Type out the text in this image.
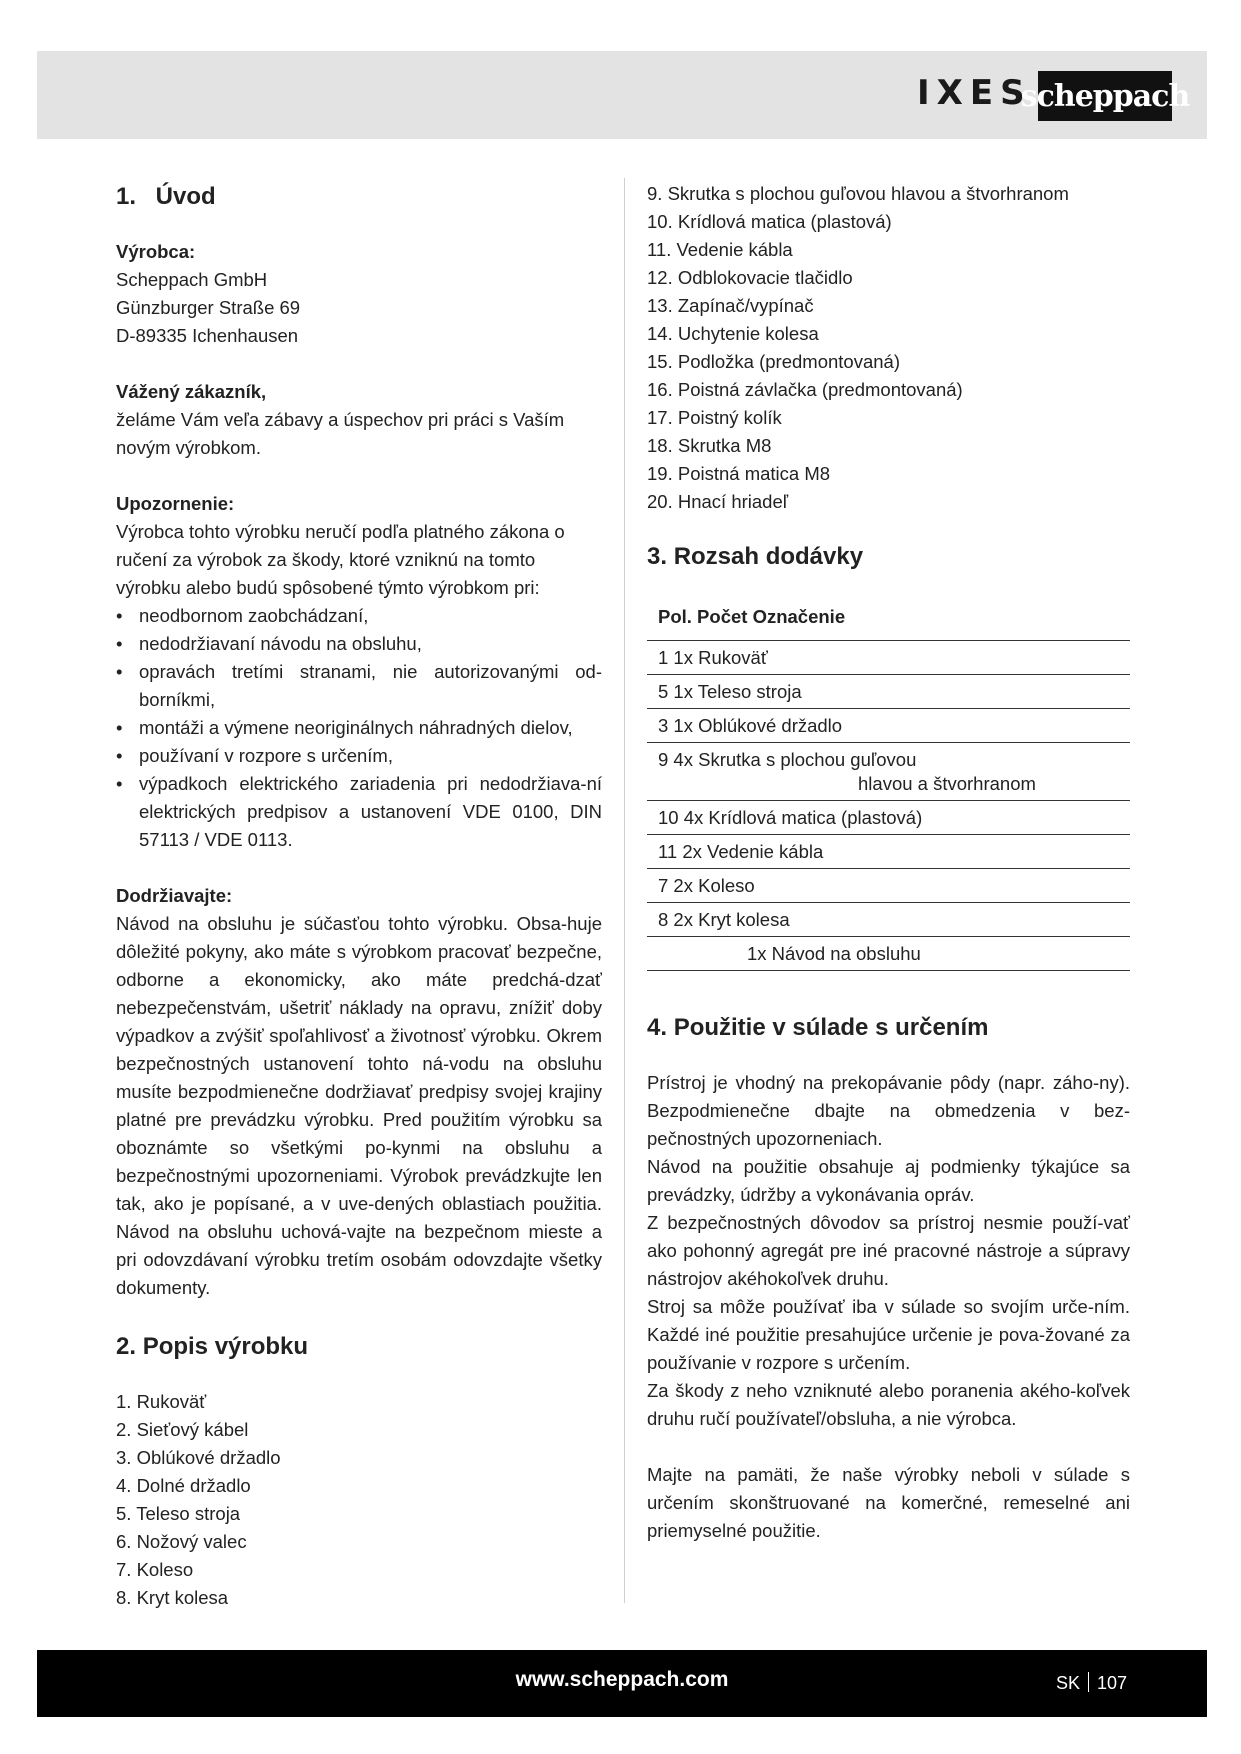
IXES
scheppach
1. Úvod

Výrobca:

Scheppach GmbH

Günzburger Straße 69

D-89335 Ichenhausen

Vážený zákazník,

želáme Vám veľa zábavy a úspechov pri práci s Vaším novým výrobkom.

Upozornenie:

Výrobca tohto výrobku neručí podľa platného zákona o ručení za výrobok za škody, ktoré vzniknú na tomto výrobku alebo budú spôsobené týmto výrobkom pri:

• neodbornom zaobchádzaní,
• nedodržiavaní návodu na obsluhu,
• opravách tretími stranami, nie autorizovanými od-borníkmi,
• montáži a výmene neoriginálnych náhradných dielov,
• používaní v rozpore s určením,
• výpadkoch elektrického zariadenia pri nedodržiava-ní elektrických predpisov a ustanovení VDE 0100, DIN 57113 / VDE 0113.

Dodržiavajte:

Návod na obsluhu je súčasťou tohto výrobku. Obsa-huje dôležité pokyny, ako máte s výrobkom pracovať bezpečne, odborne a ekonomicky, ako máte predchá-dzať nebezpečenstvám, ušetriť náklady na opravu, znížiť doby výpadkov a zvýšiť spoľahlivosť a životnosť výrobku. Okrem bezpečnostných ustanovení tohto ná-vodu na obsluhu musíte bezpodmienečne dodržiavať predpisy svojej krajiny platné pre prevádzku výrobku. Pred použitím výrobku sa oboznámte so všetkými po-kynmi na obsluhu a bezpečnostnými upozorneniami. Výrobok prevádzkujte len tak, ako je popísané, a v uve-dených oblastiach použitia. Návod na obsluhu uchová-vajte na bezpečnom mieste a pri odovzdávaní výrobku tretím osobám odovzdajte všetky dokumenty.

2. Popis výrobku
1. Rukoväť
2. Sieťový kábel
3. Oblúkové držadlo
4. Dolné držadlo
5. Teleso stroja
6. Nožový valec
7. Koleso
8. Kryt kolesa
9. Skrutka s plochou guľovou hlavou a štvorhranom
10. Krídlová matica (plastová)
11. Vedenie kábla
12. Odblokovacie tlačidlo
13. Zapínač/vypínač
14. Uchytenie kolesa
15. Podložka (predmontovaná)
16. Poistná závlačka (predmontovaná)
17. Poistný kolík
18. Skrutka M8
19. Poistná matica M8
20. Hnací hriadeľ
3. Rozsah dodávky
Pol. Počet Označenie
1 1x Rukoväť
5 1x Teleso stroja
3 1x Oblúkové držadlo
9 4x Skrutka s plochou guľovou
hlavou a štvorhranom

10 4x Krídlová matica (plastová)
11 2x Vedenie kábla
7 2x Koleso
8 2x Kryt kolesa
1x Návod na obsluhu
4. Použitie v súlade s určením

Prístroj je vhodný na prekopávanie pôdy (napr. záho-ny). Bezpodmienečne dbajte na obmedzenia v bez-pečnostných upozorneniach.

Návod na použitie obsahuje aj podmienky týkajúce sa prevádzky, údržby a vykonávania opráv.

Z bezpečnostných dôvodov sa prístroj nesmie použí-vať ako pohonný agregát pre iné pracovné nástroje a súpravy nástrojov akéhokoľvek druhu.

Stroj sa môže používať iba v súlade so svojím urče-ním. Každé iné použitie presahujúce určenie je pova-žované za používanie v rozpore s určením.

Za škody z neho vzniknuté alebo poranenia akého-koľvek druhu ručí používateľ/obsluha, a nie výrobca.

Majte na pamäti, že naše výrobky neboli v súlade s určením skonštruované na komerčné, remeselné ani priemyselné použitie.

www.scheppach.com	SK 107
